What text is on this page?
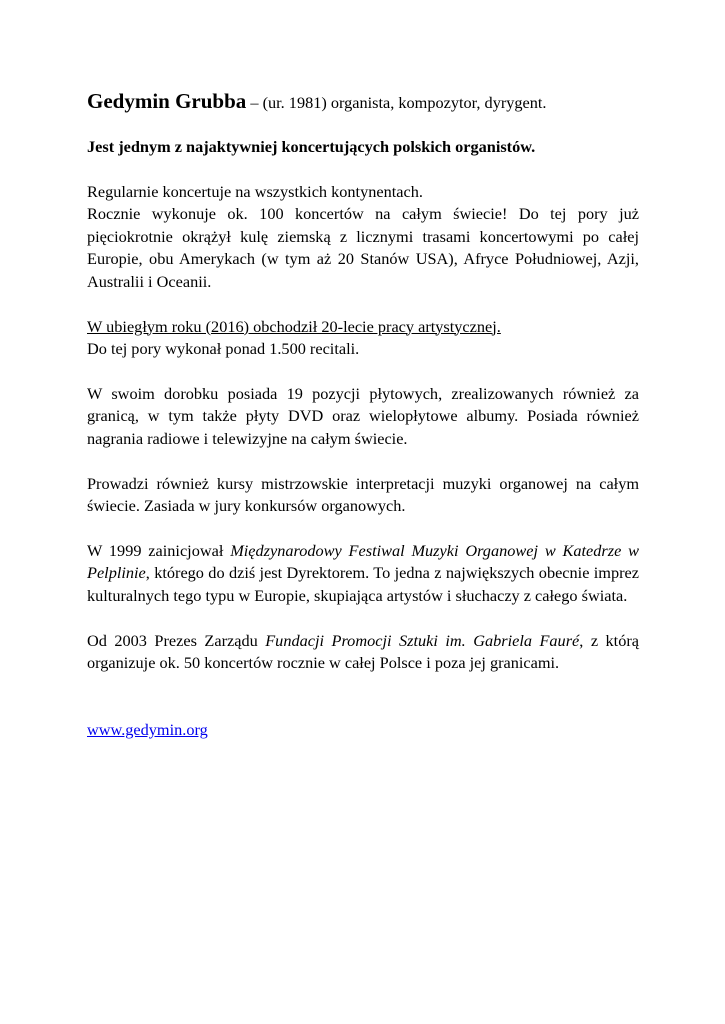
Gedymin Grubba – (ur. 1981) organista, kompozytor, dyrygent.

Jest jednym z najaktywniej koncertujących polskich organistów.

Regularnie koncertuje na wszystkich kontynentach.

Rocznie wykonuje ok. 100 koncertów na całym świecie! Do tej pory już pięciokrotnie okrążył kulę ziemską z licznymi trasami koncertowymi po całej Europie, obu Amerykach (w tym aż 20 Stanów USA), Afryce Południowej, Azji, Australii i Oceanii.

W ubiegłym roku (2016) obchodził 20-lecie pracy artystycznej.

Do tej pory wykonał ponad 1.500 recitali.

W swoim dorobku posiada 19 pozycji płytowych, zrealizowanych również za granicą, w tym także płyty DVD oraz wielopłytowe albumy. Posiada również nagrania radiowe i telewizyjne na całym świecie.

Prowadzi również kursy mistrzowskie interpretacji muzyki organowej na całym świecie. Zasiada w jury konkursów organowych.

W 1999 zainicjował Międzynarodowy Festiwal Muzyki Organowej w Katedrze w Pelplinie, którego do dziś jest Dyrektorem. To jedna z największych obecnie imprez kulturalnych tego typu w Europie, skupiająca artystów i słuchaczy z całego świata.

Od 2003 Prezes Zarządu Fundacji Promocji Sztuki im. Gabriela Fauré, z którą organizuje ok. 50 koncertów rocznie w całej Polsce i poza jej granicami.

www.gedymin.org
